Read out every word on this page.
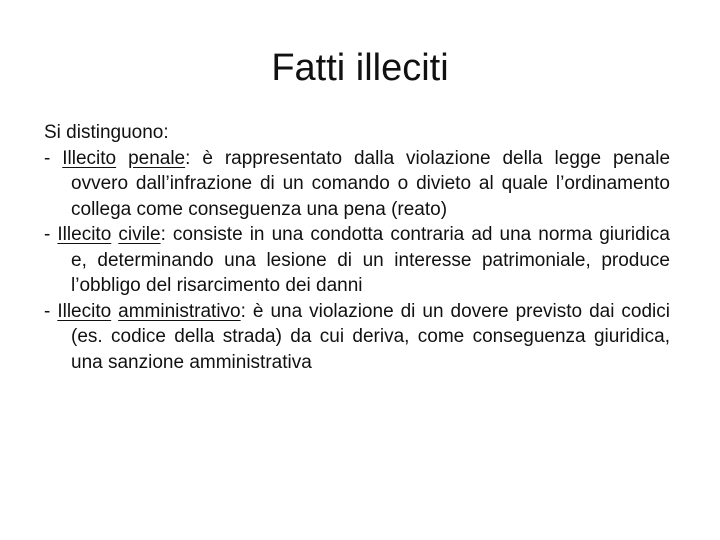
Fatti illeciti

Si distinguono:

- Illecito penale: è rappresentato dalla violazione della legge penale ovvero dall’infrazione di un comando o divieto al quale l’ordinamento collega come conseguenza una pena (reato)

- Illecito civile: consiste in una condotta contraria ad una norma giuridica e, determinando una lesione di un interesse patrimoniale, produce l’obbligo del risarcimento dei danni

- Illecito amministrativo: è una violazione di un dovere previsto dai codici (es. codice della strada) da cui deriva, come conseguenza giuridica, una sanzione amministrativa
